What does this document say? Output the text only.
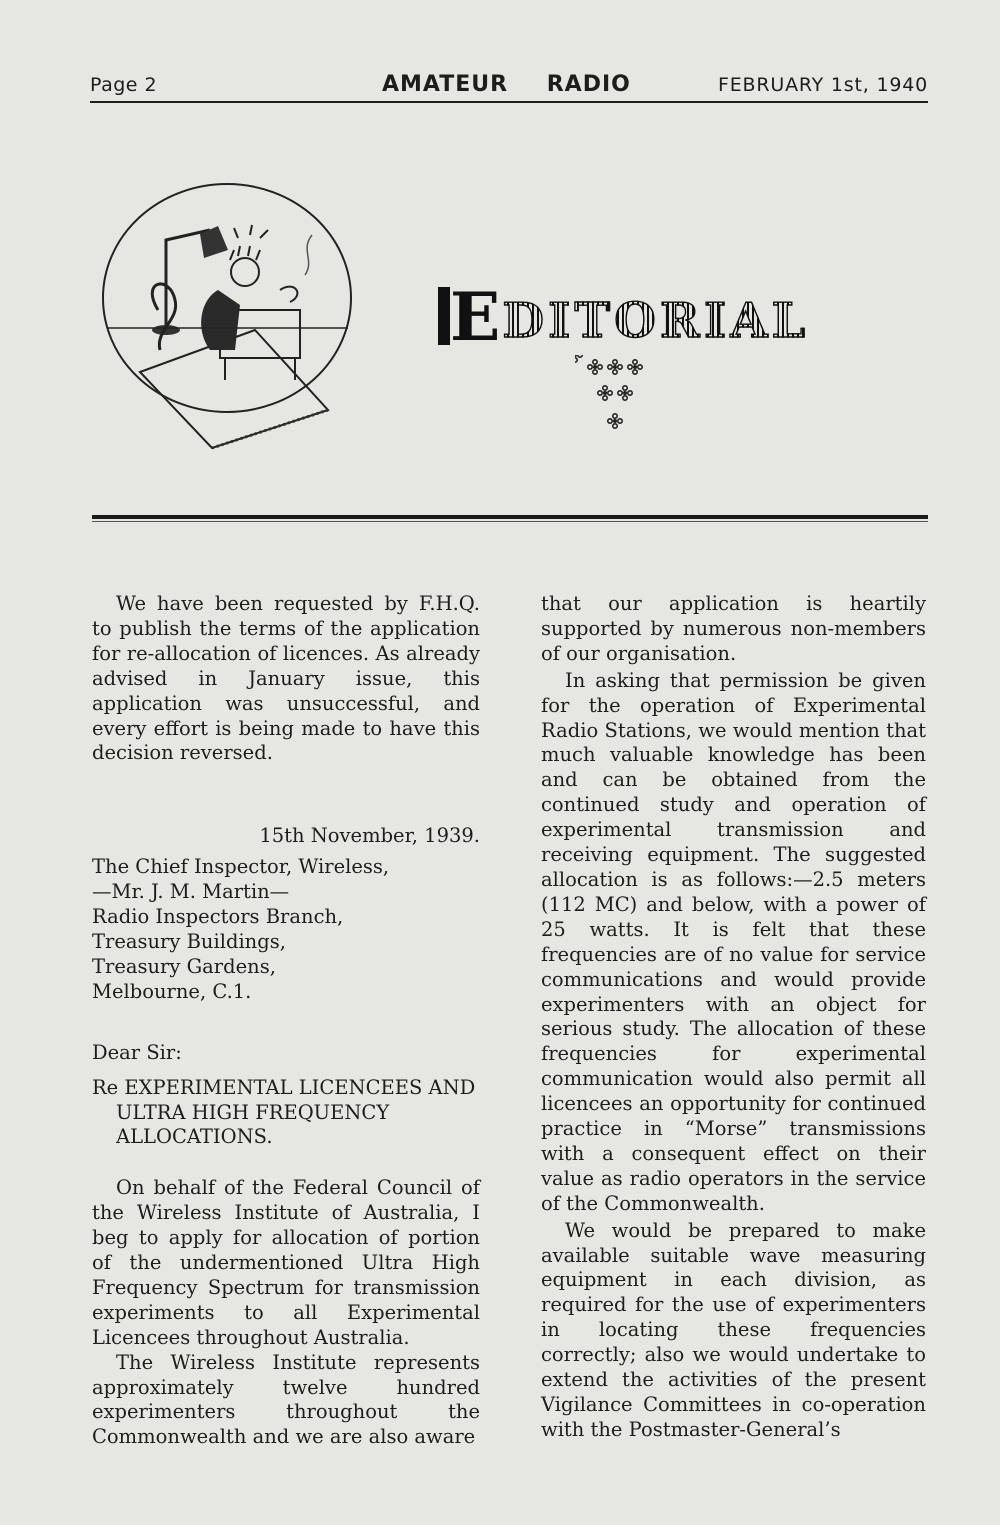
Page 2	AMATEUR RADIO	FEBRUARY 1st, 1940
E DITORIAL

We have been requested by F.H.Q. to publish the terms of the application for re-allocation of licences. As already advised in January issue, this application was unsuccessful, and every effort is being made to have this decision reversed.

15th November, 1939.

The Chief Inspector, Wireless,

—Mr. J. M. Martin—

Radio Inspectors Branch,

Treasury Buildings,

Treasury Gardens,

Melbourne, C.1.

Dear Sir:

Re EXPERIMENTAL LICENCEES AND ULTRA HIGH FREQUENCY ALLOCATIONS.

On behalf of the Federal Council of the Wireless Institute of Australia, I beg to apply for allocation of portion of the undermentioned Ultra High Frequency Spectrum for transmission experiments to all Experimental Licencees throughout Australia.

The Wireless Institute represents approximately twelve hundred experimenters throughout the Commonwealth and we are also aware

that our application is heartily supported by numerous non-members of our organisation.

In asking that permission be given for the operation of Experimental Radio Stations, we would mention that much valuable knowledge has been and can be obtained from the continued study and operation of experimental transmission and receiving equipment. The suggested allocation is as follows:—2.5 meters (112 MC) and below, with a power of 25 watts. It is felt that these frequencies are of no value for service communications and would provide experimenters with an object for serious study. The allocation of these frequencies for experimental communication would also permit all licencees an opportunity for continued practice in “Morse” transmissions with a consequent effect on their value as radio operators in the service of the Commonwealth.

We would be prepared to make available suitable wave measuring equipment in each division, as required for the use of experimenters in locating these frequencies correctly; also we would undertake to extend the activities of the present Vigilance Committees in co-operation with the Postmaster-General’s
